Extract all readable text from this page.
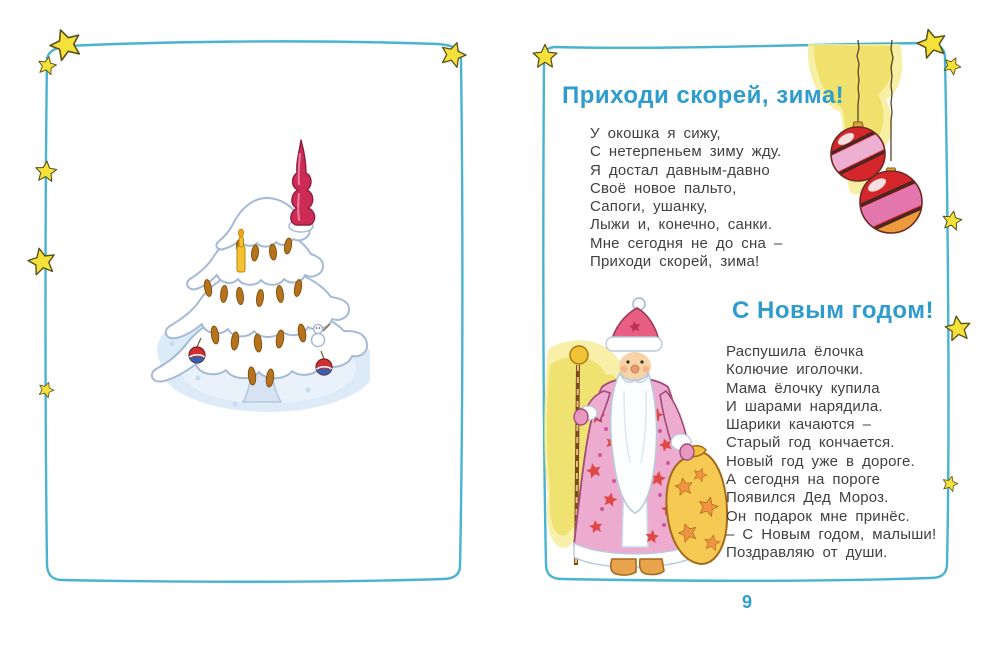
Приходи скорей, зима!
У окошка я сижу,
С нетерпеньем зиму жду.
Я достал давным-давно
Своё новое пальто,
Сапоги, ушанку,
Лыжи и, конечно, санки.
Мне сегодня не до сна –
Приходи скорей, зима!
С Новым годом!
Распушила ёлочка
Колючие иголочки.
Мама ёлочку купила
И шарами нарядила.
Шарики качаются –
Старый год кончается.
Новый год уже в дороге.
А сегодня на пороге
Появился Дед Мороз.
Он подарок мне принёс.
– С Новым годом, малыши!
Поздравляю от души.
9
